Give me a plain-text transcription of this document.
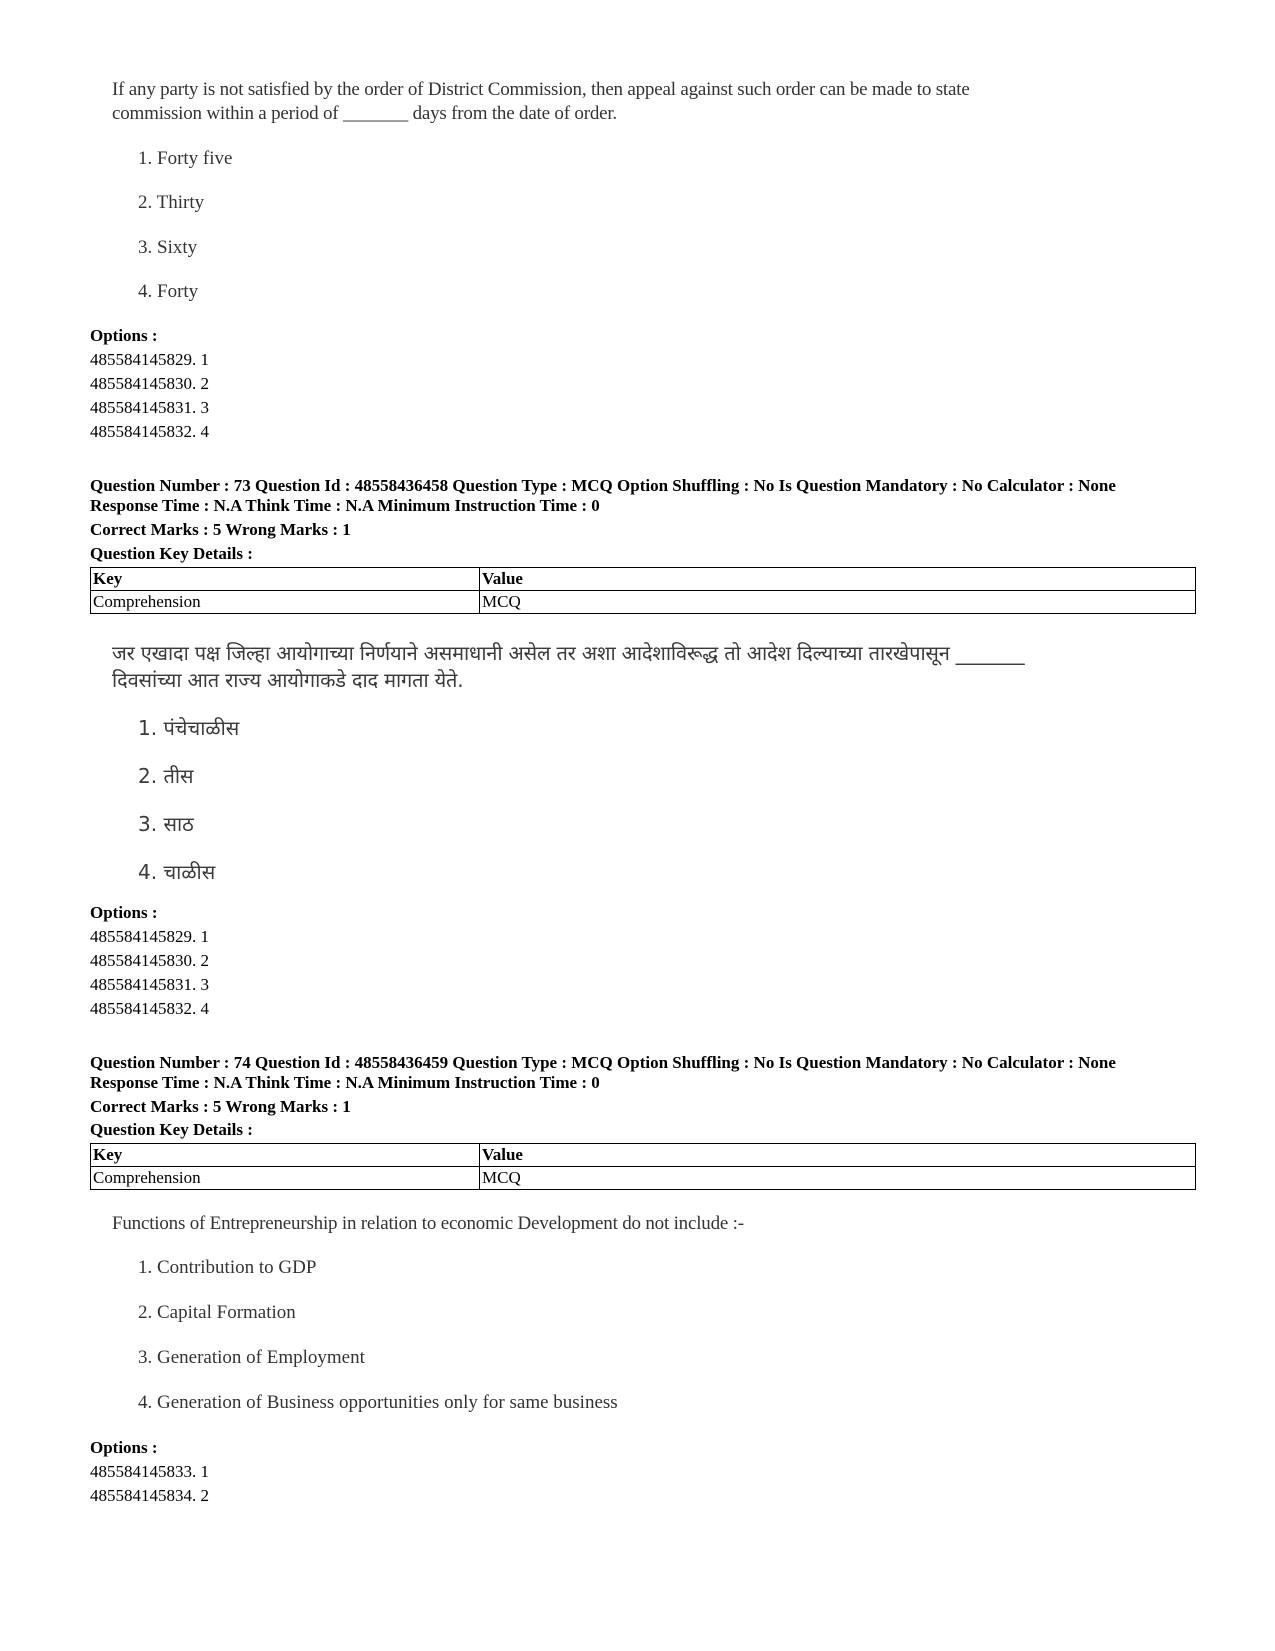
If any party is not satisfied by the order of District Commission, then appeal against such order can be made to state commission within a period of _______ days from the date of order.
1. Forty five
2. Thirty
3. Sixty
4. Forty
Options :
485584145829. 1
485584145830. 2
485584145831. 3
485584145832. 4
Question Number : 73 Question Id : 48558436458 Question Type : MCQ Option Shuffling : No Is Question Mandatory : No Calculator : None
Response Time : N.A Think Time : N.A Minimum Instruction Time : 0
Correct Marks : 5 Wrong Marks : 1
Question Key Details :
Key	Value
Comprehension	MCQ
जर एखादा पक्ष जिल्हा आयोगाच्या निर्णयाने असमाधानी असेल तर अशा आदेशाविरूद्ध तो आदेश दिल्याच्या तारखेपासून _______ दिवसांच्या आत राज्य आयोगाकडे दाद मागता येते.
1. पंचेचाळीस
2. तीस
3. साठ
4. चाळीस
Options :
485584145829. 1
485584145830. 2
485584145831. 3
485584145832. 4
Question Number : 74 Question Id : 48558436459 Question Type : MCQ Option Shuffling : No Is Question Mandatory : No Calculator : None
Response Time : N.A Think Time : N.A Minimum Instruction Time : 0
Correct Marks : 5 Wrong Marks : 1
Question Key Details :
Key	Value
Comprehension	MCQ
Functions of Entrepreneurship in relation to economic Development do not include :-
1. Contribution to GDP
2. Capital Formation
3. Generation of Employment
4. Generation of Business opportunities only for same business
Options :
485584145833. 1
485584145834. 2
